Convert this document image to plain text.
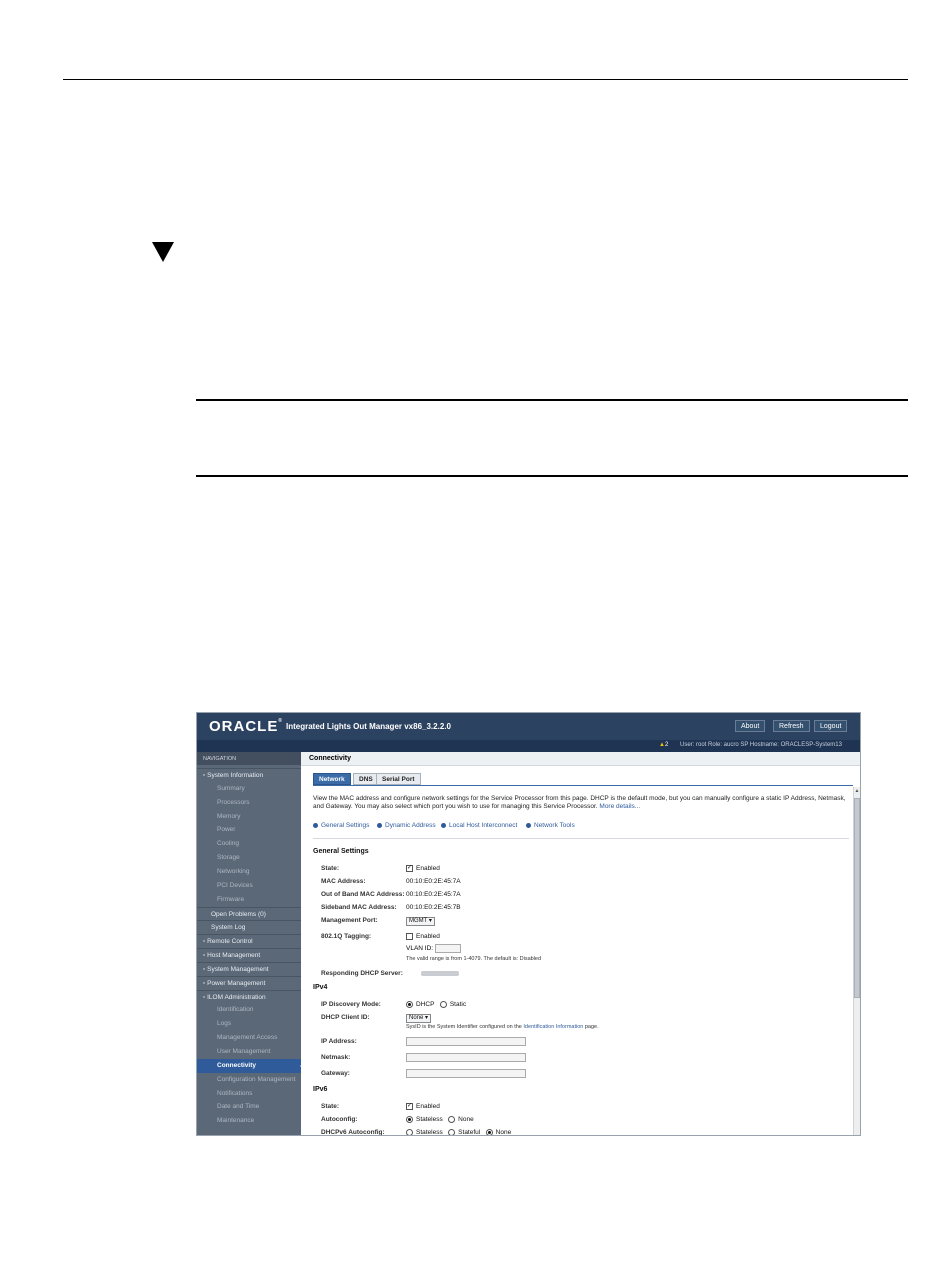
ORACLE®
Integrated Lights Out Manager vx86_3.2.2.0	About	Refresh	Logout
▲2 User: root Role: aucro SP Hostname: ORACLESP-System13
NAVIGATION
▫ System Information
Summary
Processors
Memory
Power
Cooling
Storage
Networking
PCI Devices
Firmware
Open Problems (0)
System Log
▫ Remote Control
▫ Host Management
▫ System Management
▫ Power Management
▫ ILOM Administration
Identification
Logs
Management Access
User Management
Connectivity
Configuration Management
Notifications
Date and Time
Maintenance
Connectivity
Network	DNS	Serial Port
View the MAC address and configure network settings for the Service Processor from this page. DHCP is the default mode, but you can manually configure a static IP Address, Netmask, and Gateway. You may also select which port you wish to use for managing this Service Processor. More details...
General Settings	Dynamic Address	Local Host Interconnect	Network Tools
General Settings
State:	✓ Enabled
MAC Address:	00:10:E0:2E:45:7A
Out of Band MAC Address: 00:10:E0:2E:45:7A
Sideband MAC Address: 00:10:E0:2E:45:7B
Management Port:	MGMT ▾
802.1Q Tagging:	Enabled
VLAN ID:
The valid range is from 1-4079. The default is: Disabled
Responding DHCP Server:
IPv4
IP Discovery Mode:	DHCP Static
DHCP Client ID:	None ▾
SysID is the System Identifier configured on the Identification Information page.
IP Address:
Netmask:
Gateway:
IPv6
State:	✓ Enabled
Autoconfig:	Stateless None
DHCPv6 Autoconfig:	Stateless Stateful None
▲
